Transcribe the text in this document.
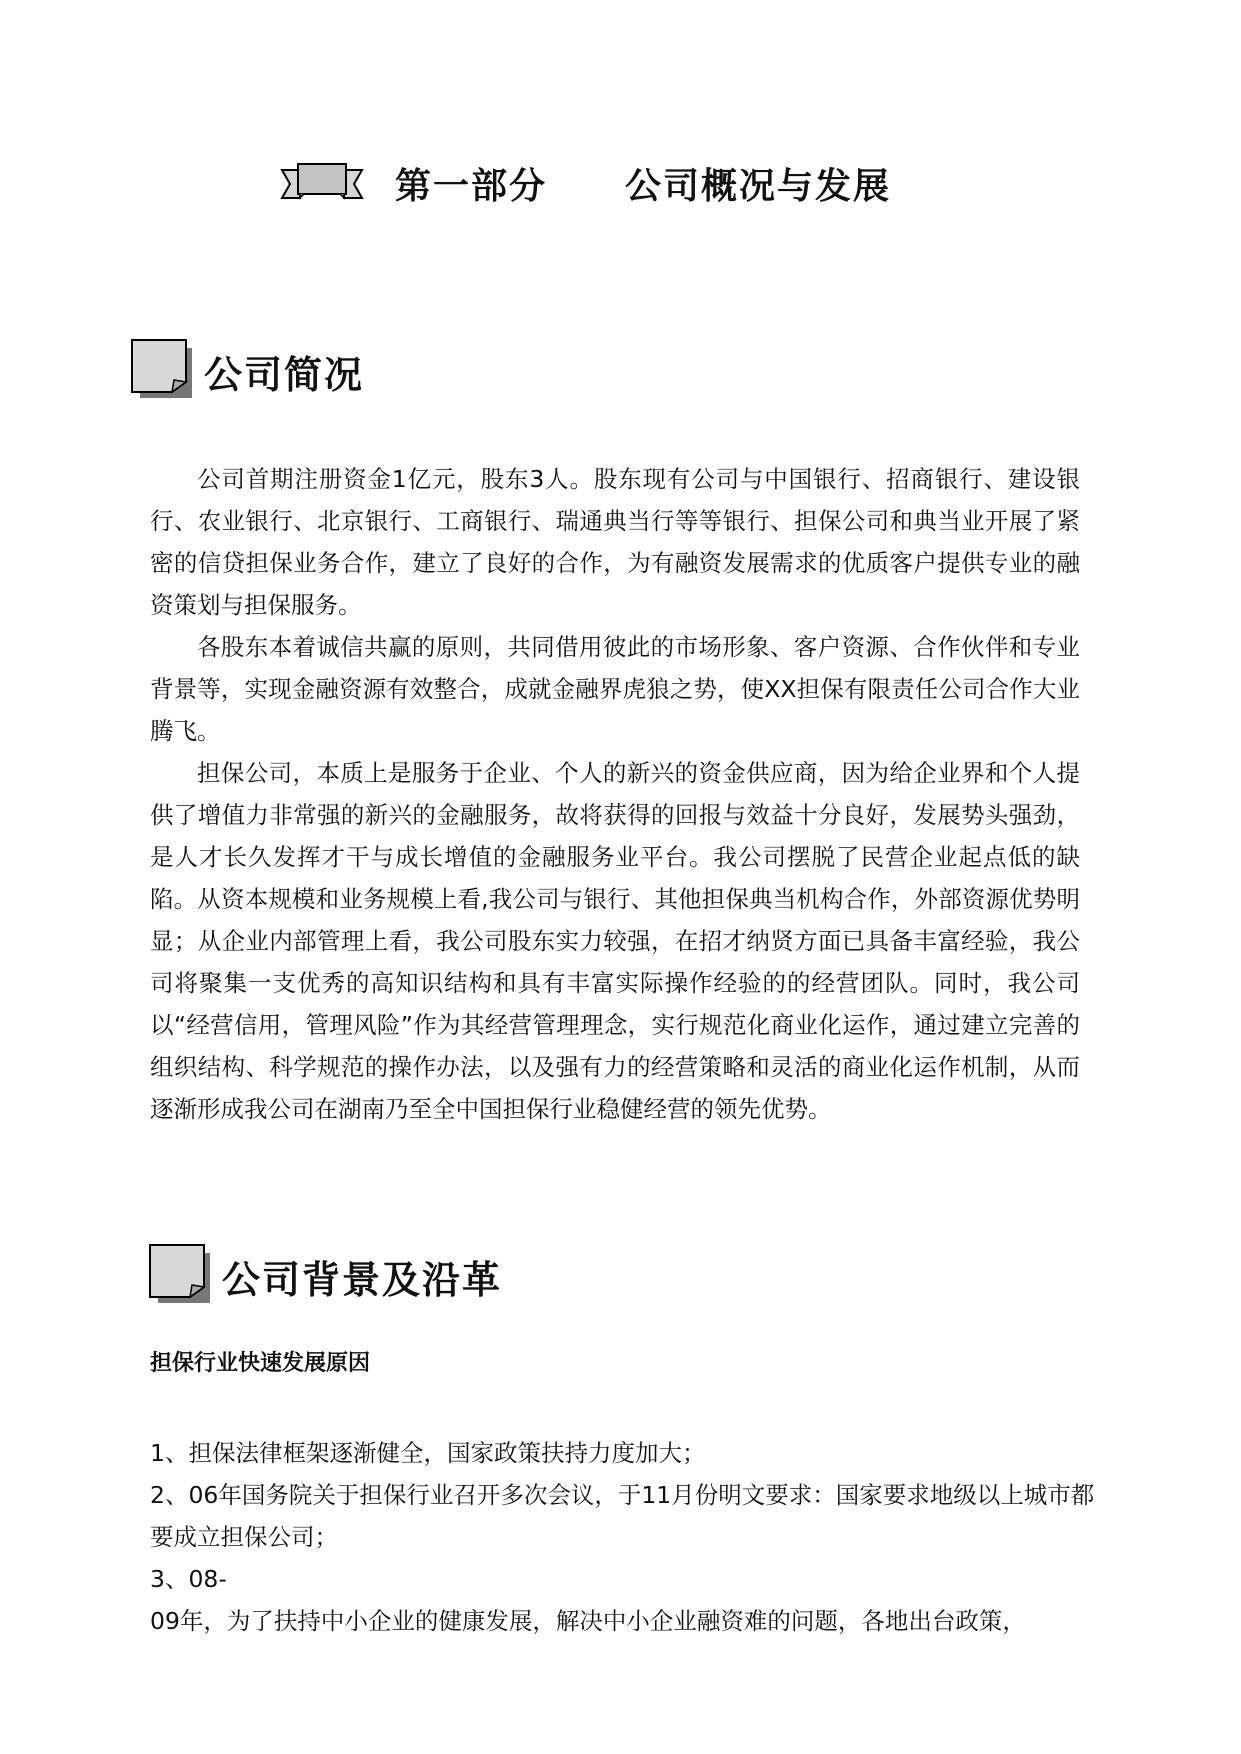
第一部分 公司概况与发展
公司简况

公司首期注册资金1亿元，股东3人。股东现有公司与中国银行、招商银行、建设银行、农业银行、北京银行、工商银行、瑞通典当行等等银行、担保公司和典当业开展了紧密的信贷担保业务合作，建立了良好的合作，为有融资发展需求的优质客户提供专业的融资策划与担保服务。

各股东本着诚信共赢的原则，共同借用彼此的市场形象、客户资源、合作伙伴和专业背景等，实现金融资源有效整合，成就金融界虎狼之势，使XX担保有限责任公司合作大业腾飞。

担保公司，本质上是服务于企业、个人的新兴的资金供应商，因为给企业界和个人提供了增值力非常强的新兴的金融服务，故将获得的回报与效益十分良好，发展势头强劲，是人才长久发挥才干与成长增值的金融服务业平台。我公司摆脱了民营企业起点低的缺陷。从资本规模和业务规模上看,我公司与银行、其他担保典当机构合作，外部资源优势明显；从企业内部管理上看，我公司股东实力较强，在招才纳贤方面已具备丰富经验，我公司将聚集一支优秀的高知识结构和具有丰富实际操作经验的的经营团队。同时，我公司以“经营信用，管理风险”作为其经营管理理念，实行规范化商业化运作，通过建立完善的组织结构、科学规范的操作办法，以及强有力的经营策略和灵活的商业化运作机制，从而逐渐形成我公司在湖南乃至全中国担保行业稳健经营的领先优势。

公司背景及沿革
担保行业快速发展原因

1、担保法律框架逐渐健全，国家政策扶持力度加大；

2、06年国务院关于担保行业召开多次会议，于11月份明文要求：国家要求地级以上城市都要成立担保公司；

3、08-

09年，为了扶持中小企业的健康发展，解决中小企业融资难的问题，各地出台政策，
